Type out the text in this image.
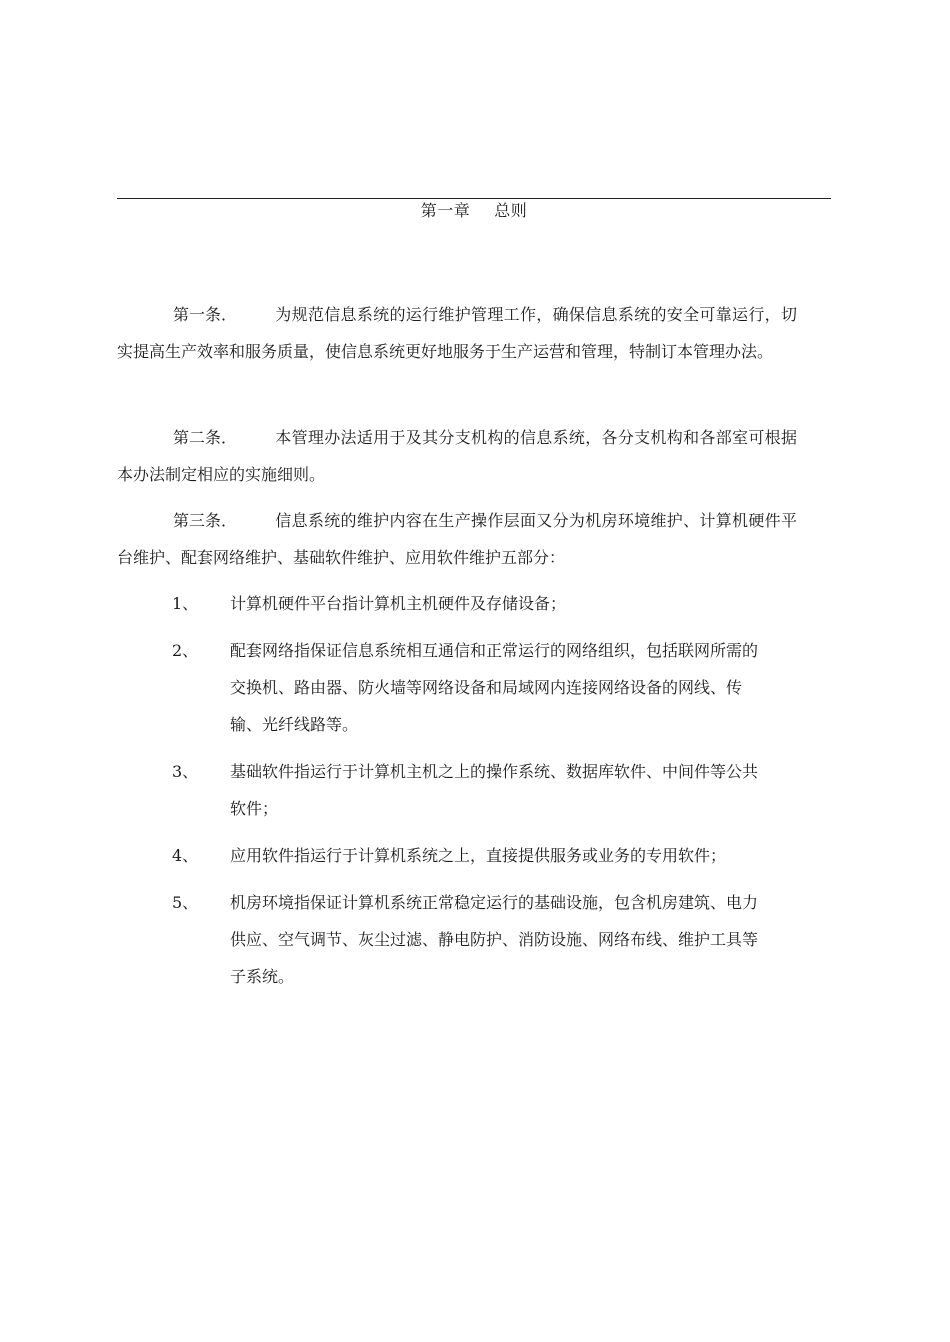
第一章 总则
第一条． 为规范信息系统的运行维护管理工作，确保信息系统的安全可靠运行，切实提高生产效率和服务质量，使信息系统更好地服务于生产运营和管理，特制订本管理办法。
第二条． 本管理办法适用于及其分支机构的信息系统，各分支机构和各部室可根据本办法制定相应的实施细则。
第三条． 信息系统的维护内容在生产操作层面又分为机房环境维护、计算机硬件平台维护、配套网络维护、基础软件维护、应用软件维护五部分：
1、	计算机硬件平台指计算机主机硬件及存储设备；
2、	配套网络指保证信息系统相互通信和正常运行的网络组织，包括联网所需的交换机、路由器、防火墙等网络设备和局域网内连接网络设备的网线、传输、光纤线路等。
3、	基础软件指运行于计算机主机之上的操作系统、数据库软件、中间件等公共软件；
4、	应用软件指运行于计算机系统之上，直接提供服务或业务的专用软件；
5、	机房环境指保证计算机系统正常稳定运行的基础设施，包含机房建筑、电力供应、空气调节、灰尘过滤、静电防护、消防设施、网络布线、维护工具等子系统。
